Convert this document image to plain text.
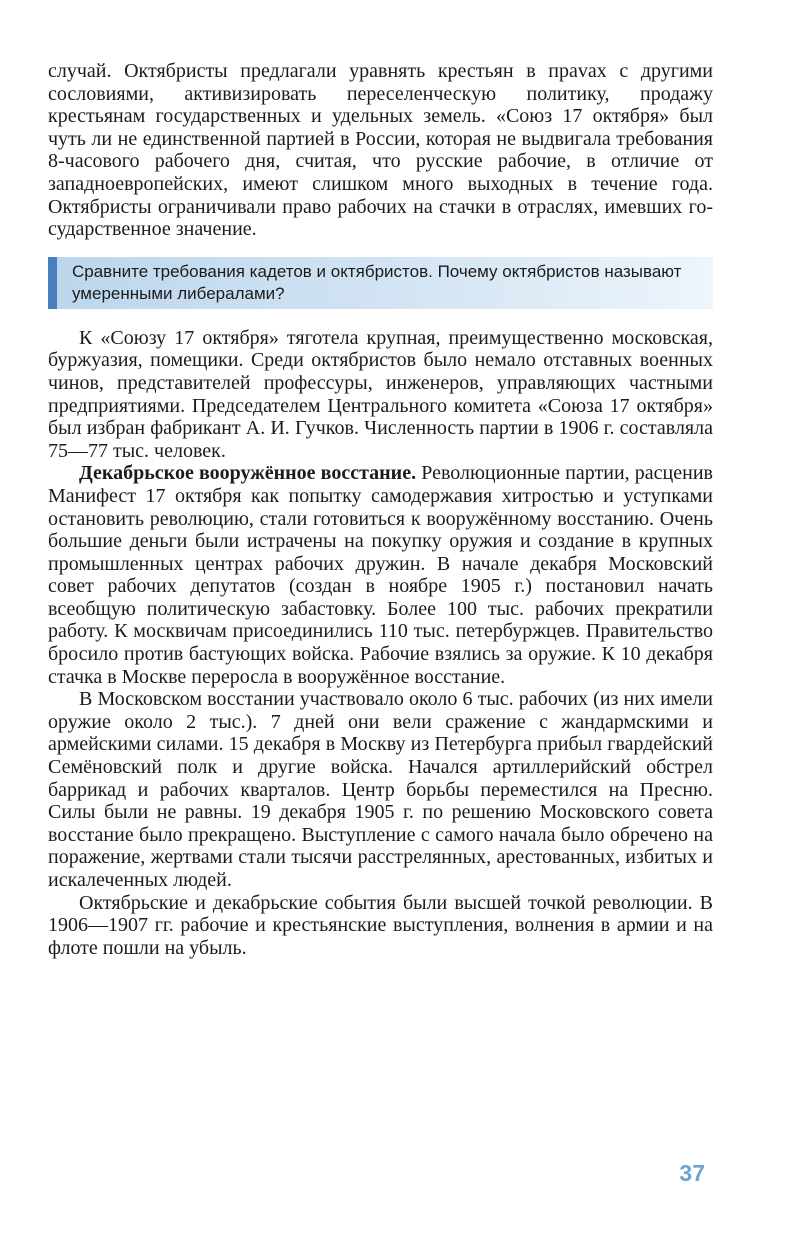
случай. Октябристы предлагали уравнять крестьян в праvах с другими сословиями, активизировать переселенческую политику, продажу крестьянам государственных и удельных земель. «Союз 17 октября» был чуть ли не единственной партией в России, которая не выдвигала требования 8-часового рабочего дня, считая, что русские рабочие, в отличие от западноевропейских, имеют слишком много выходных в течение года. Октябристы ограничивали право рабочих на стачки в отраслях, имевших государственное значение.

Сравните требования кадетов и октябристов. Почему октябристов называют умеренными либералами?

К «Союзу 17 октября» тяготела крупная, преимущественно московская, буржуазия, помещики. Среди октябристов было немало отставных военных чинов, представителей профессуры, инженеров, управляющих частными предприятиями. Председателем Центрального комитета «Союза 17 октября» был избран фабрикант А. И. Гучков. Численность партии в 1906 г. составляла 75—77 тыс. человек.

Декабрьское вооружённое восстание. Революционные партии, расценив Манифест 17 октября как попытку самодержавия хитростью и уступками остановить революцию, стали готовиться к вооружённому восстанию. Очень большие деньги были истрачены на покупку оружия и создание в крупных промышленных центрах рабочих дружин. В начале декабря Московский совет рабочих депутатов (создан в ноябре 1905 г.) постановил начать всеобщую политическую забастовку. Более 100 тыс. рабочих прекратили работу. К москвичам присоединились 110 тыс. петербуржцев. Правительство бросило против бастующих войска. Рабочие взялись за оружие. К 10 декабря стачка в Москве переросла в вооружённое восстание.

В Московском восстании участвовало около 6 тыс. рабочих (из них имели оружие около 2 тыс.). 7 дней они вели сражение с жандармскими и армейскими силами. 15 декабря в Москву из Петербурга прибыл гвардейский Семёновский полк и другие войска. Начался артиллерийский обстрел баррикад и рабочих кварталов. Центр борьбы переместился на Пресню. Силы были не равны. 19 декабря 1905 г. по решению Московского совета восстание было прекращено. Выступление с самого начала было обречено на поражение, жертвами стали тысячи расстрелянных, арестованных, избитых и искалеченных людей.

Октябрьские и декабрьские события были высшей точкой революции. В 1906—1907 гг. рабочие и крестьянские выступления, волнения в армии и на флоте пошли на убыль.

37
